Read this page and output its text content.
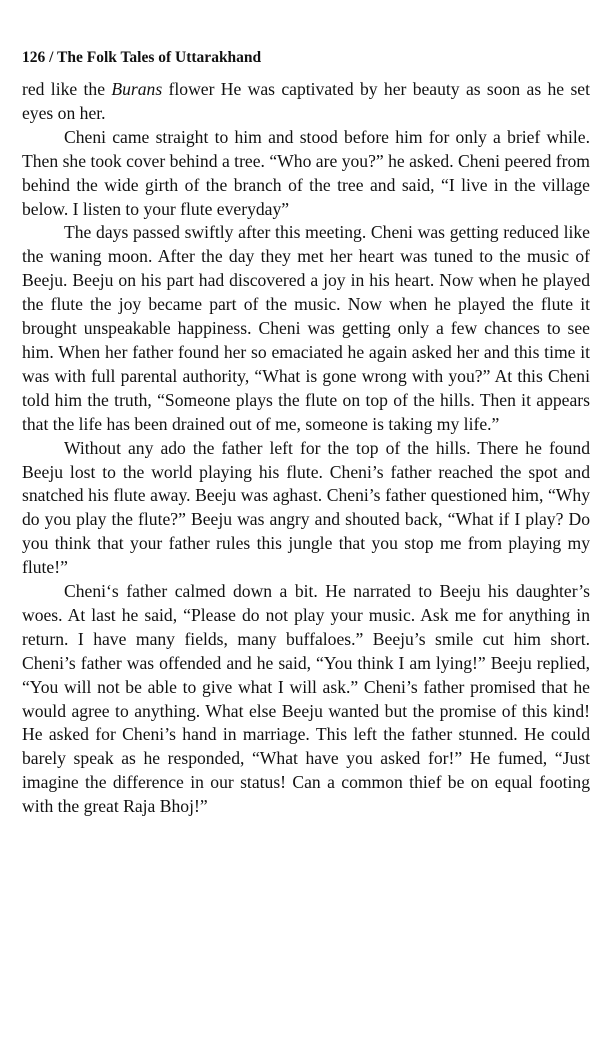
126 / The Folk Tales of Uttarakhand

red like the Burans flower He was captivated by her beauty as soon as he set eyes on her.

Cheni came straight to him and stood before him for only a brief while. Then she took cover behind a tree. “Who are you?” he asked. Cheni peered from behind the wide girth of the branch of the tree and said, “I live in the village below. I listen to your flute everyday”

The days passed swiftly after this meeting. Cheni was getting reduced like the waning moon. After the day they met her heart was tuned to the music of Beeju. Beeju on his part had discovered a joy in his heart. Now when he played the flute the joy became part of the music. Now when he played the flute it brought unspeakable happiness. Cheni was getting only a few chances to see him. When her father found her so emaciated he again asked her and this time it was with full parental authority, “What is gone wrong with you?” At this Cheni told him the truth, “Someone plays the flute on top of the hills. Then it appears that the life has been drained out of me, someone is taking my life.”

Without any ado the father left for the top of the hills. There he found Beeju lost to the world playing his flute. Cheni’s father reached the spot and snatched his flute away. Beeju was aghast. Cheni’s father questioned him, “Why do you play the flute?” Beeju was angry and shouted back, “What if I play? Do you think that your father rules this jungle that you stop me from playing my flute!”

Cheni‘s father calmed down a bit. He narrated to Beeju his daughter’s woes. At last he said, “Please do not play your music. Ask me for anything in return. I have many fields, many buffaloes.” Beeju’s smile cut him short. Cheni’s father was offended and he said, “You think I am lying!” Beeju replied, “You will not be able to give what I will ask.” Cheni’s father promised that he would agree to anything. What else Beeju wanted but the promise of this kind! He asked for Cheni’s hand in marriage. This left the father stunned. He could barely speak as he responded, “What have you asked for!” He fumed, “Just imagine the difference in our status! Can a common thief be on equal footing with the great Raja Bhoj!”
